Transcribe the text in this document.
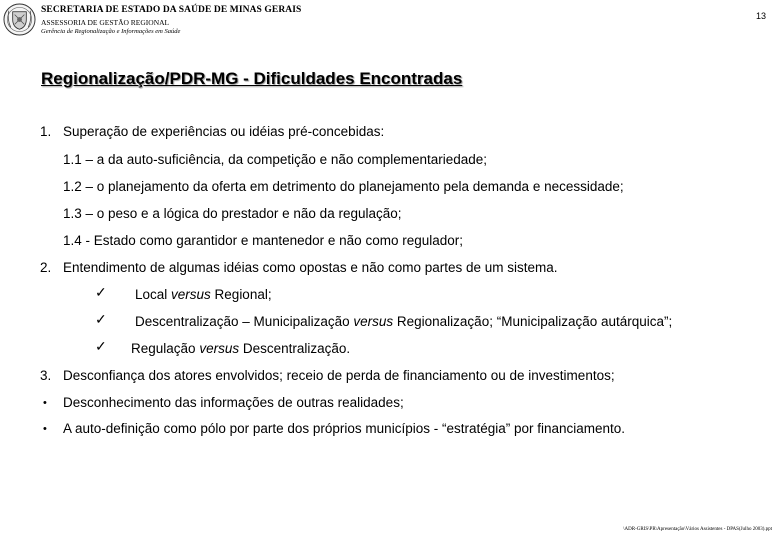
SECRETARIA DE ESTADO DA SAÚDE DE MINAS GERAIS
ASSESSORIA DE GESTÃO REGIONAL
Gerência de Regionalização e Informações em Saúde
13
Regionalização/PDR-MG - Dificuldades Encontradas
1. Superação de experiências ou idéias pré-concebidas:
1.1 – a da auto-suficiência, da competição e não complementariedade;
1.2 – o planejamento da oferta em detrimento do planejamento pela demanda e necessidade;
1.3 – o peso e a lógica do prestador e não da regulação;
1.4 - Estado como garantidor e mantenedor e não como regulador;
2. Entendimento de algumas idéias como opostas e não como partes de um sistema.
✓ Local versus Regional;
✓ Descentralização – Municipalização versus Regionalização; “Municipalização autárquica”;
✓ Regulação versus Descentralização.
3. Desconfiança dos atores envolvidos; receio de perda de financiamento ou de investimentos;
• Desconhecimento das informações de outras realidades;
• A auto-definição como pólo por parte dos próprios municípios - “estratégia” por financiamento.
\ADR-GRIS\PR\Apresentação\Vários Assistentes - DPAS(Julho 2003).ppt
